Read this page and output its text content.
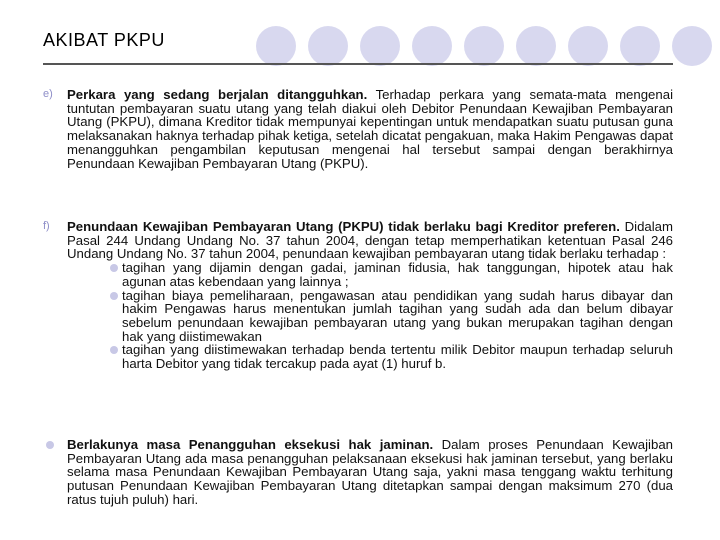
AKIBAT PKPU
e) Perkara yang sedang berjalan ditangguhkan. Terhadap perkara yang semata-mata mengenai tuntutan pembayaran suatu utang yang telah diakui oleh Debitor Penundaan Kewajiban Pembayaran Utang (PKPU), dimana Kreditor tidak mempunyai kepentingan untuk mendapatkan suatu putusan guna melaksanakan haknya terhadap pihak ketiga, setelah dicatat pengakuan, maka Hakim Pengawas dapat menangguhkan pengambilan keputusan mengenai hal tersebut sampai dengan berakhirnya Penundaan Kewajiban Pembayaran Utang (PKPU).
f) Penundaan Kewajiban Pembayaran Utang (PKPU) tidak berlaku bagi Kreditor preferen. Didalam Pasal 244 Undang Undang No. 37 tahun 2004, dengan tetap memperhatikan ketentuan Pasal 246 Undang Undang No. 37 tahun 2004, penundaan kewajiban pembayaran utang tidak berlaku terhadap :
tagihan yang dijamin dengan gadai, jaminan fidusia, hak tanggungan, hipotek atau hak agunan atas kebendaan yang lainnya ;
tagihan biaya pemeliharaan, pengawasan atau pendidikan yang sudah harus dibayar dan hakim Pengawas harus menentukan jumlah tagihan yang sudah ada dan belum dibayar sebelum penundaan kewajiban pembayaran utang yang bukan merupakan tagihan dengan hak yang diistimewakan
tagihan yang diistimewakan terhadap benda tertentu milik Debitor maupun terhadap seluruh harta Debitor yang tidak tercakup pada ayat (1) huruf b.
Berlakunya masa Penangguhan eksekusi hak jaminan. Dalam proses Penundaan Kewajiban Pembayaran Utang ada masa penangguhan pelaksanaan eksekusi hak jaminan tersebut, yang berlaku selama masa Penundaan Kewajiban Pembayaran Utang saja, yakni masa tenggang waktu terhitung putusan Penundaan Kewajiban Pembayaran Utang ditetapkan sampai dengan maksimum 270 (dua ratus tujuh puluh) hari.
